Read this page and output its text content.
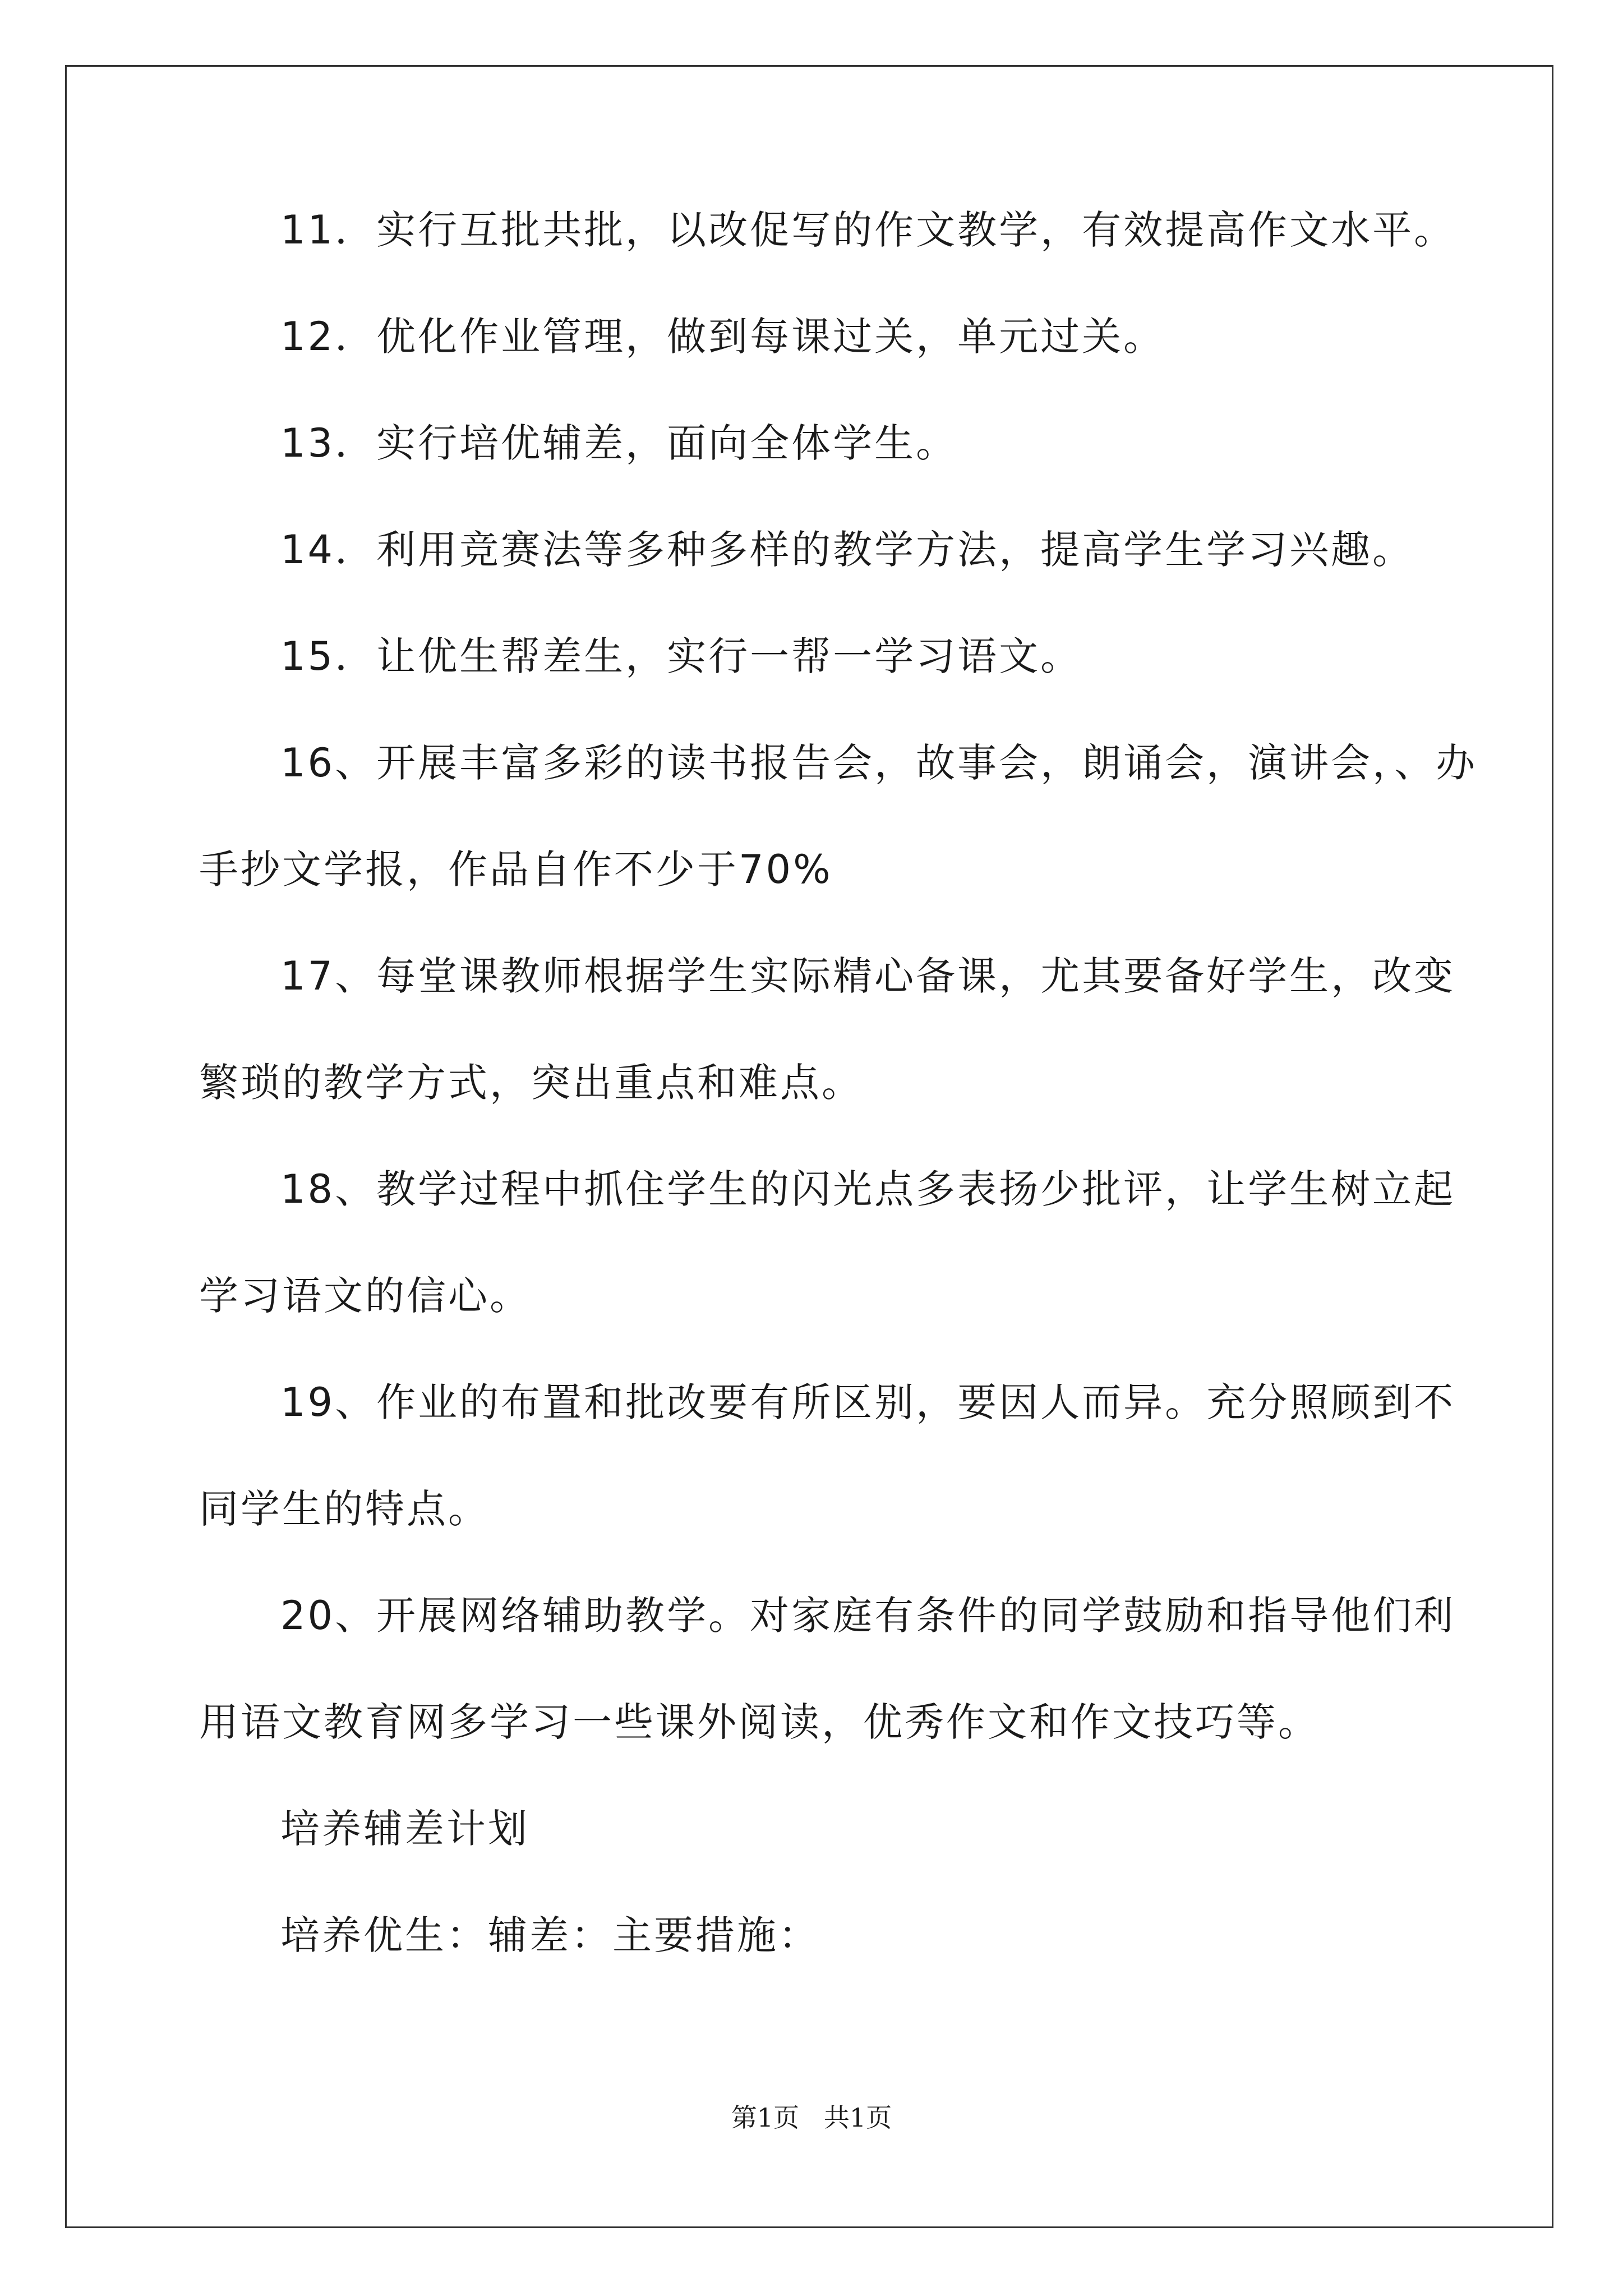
11．实行互批共批，以改促写的作文教学，有效提高作文水平。
12．优化作业管理，做到每课过关，单元过关。
13．实行培优辅差，面向全体学生。
14．利用竞赛法等多种多样的教学方法，提高学生学习兴趣。
15．让优生帮差生，实行一帮一学习语文。
16、开展丰富多彩的读书报告会，故事会，朗诵会，演讲会，、办
手抄文学报，作品自作不少于70%
17、每堂课教师根据学生实际精心备课，尤其要备好学生，改变
繁琐的教学方式，突出重点和难点。
18、教学过程中抓住学生的闪光点多表扬少批评，让学生树立起
学习语文的信心。
19、作业的布置和批改要有所区别，要因人而异。充分照顾到不
同学生的特点。
20、开展网络辅助教学。对家庭有条件的同学鼓励和指导他们利
用语文教育网多学习一些课外阅读，优秀作文和作文技巧等。
培养辅差计划
培养优生：辅差：主要措施：
第1页   共1页
